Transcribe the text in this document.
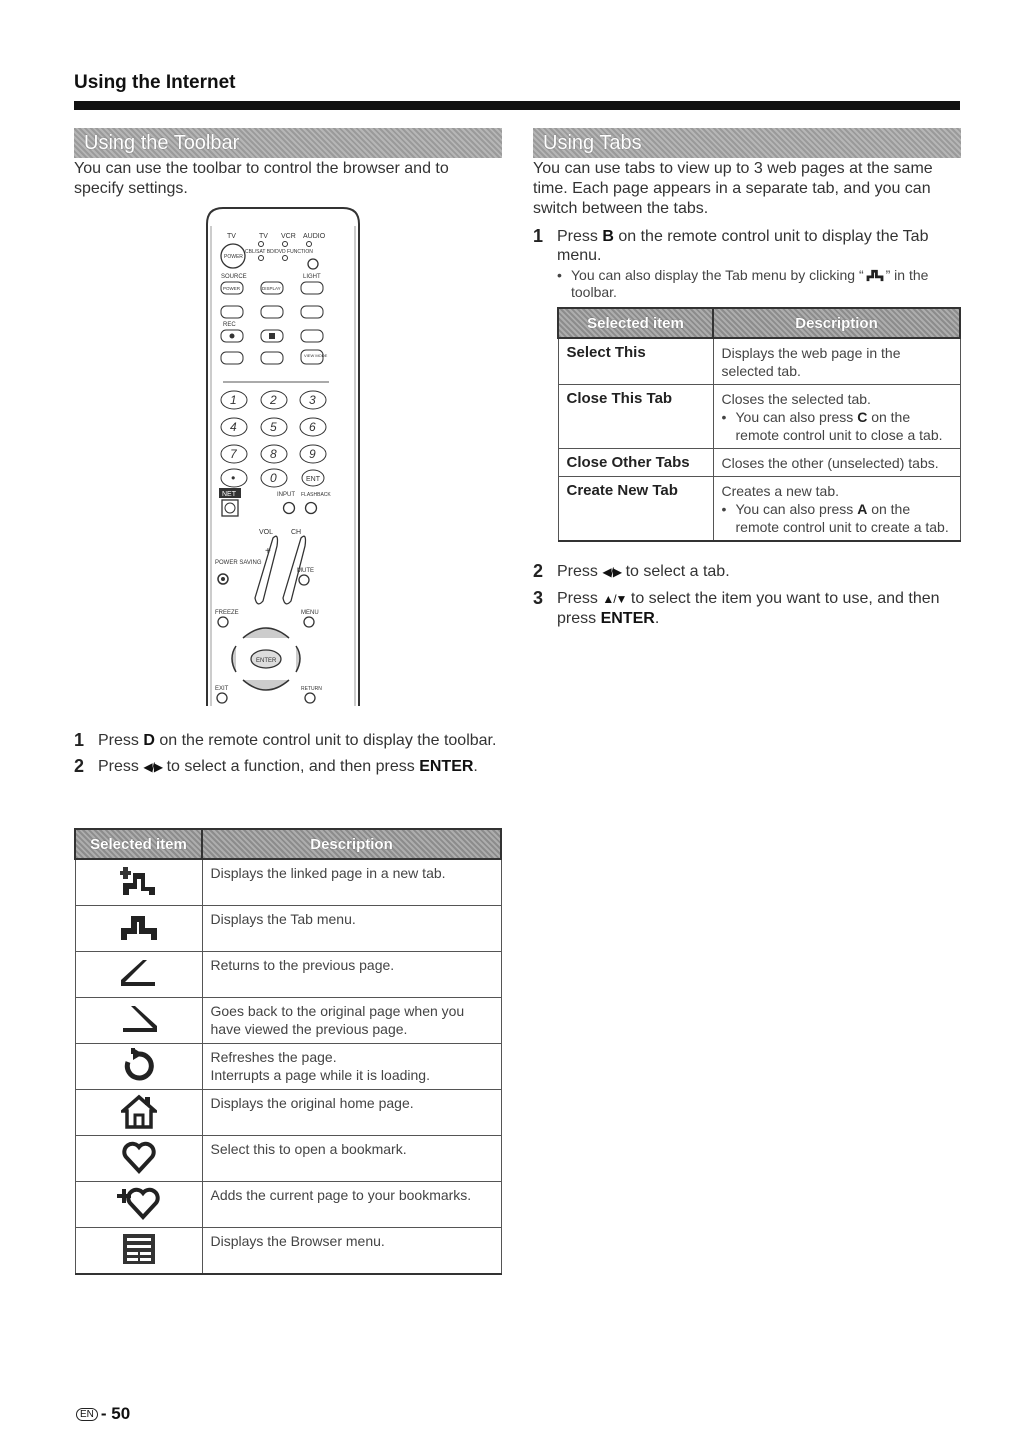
Using the Internet
Using the Toolbar
You can use the toolbar to control the browser and to specify settings.
TV	TV VCR AUDIO
CBL/SAT BD/DVD FUNCTION
POWER
SOURCE	LIGHT
POWER	DISPLAY
REC
VIEW MODE
1	2	3
4	5	6
7	8	9
•	0	ENT
NET	INPUT FLASHBACK
VOL	CH
+
POWER SAVING
MUTE
FREEZE	MENU
ENTER
EXIT	RETURN
1 Press D on the remote control unit to display the toolbar.
2 Press ◀/▶ to select a function, and then press ENTER.
Selected item	Description
	Displays the linked page in a new tab.
	Displays the Tab menu.
	Returns to the previous page.
	Goes back to the original page when you have viewed the previous page.
	Refreshes the page.
Interrupts a page while it is loading.
	Displays the original home page.
	Select this to open a bookmark.
	Adds the current page to your bookmarks.
	Displays the Browser menu.
Using Tabs
You can use tabs to view up to 3 web pages at the same time. Each page appears in a separate tab, and you can switch between the tabs.
1 Press B on the remote control unit to display the Tab menu.
• You can also display the Tab menu by clicking “ ” in the toolbar.
Selected item	Description
Select This	Displays the web page in the selected tab.
Close This Tab	Closes the selected tab.
• You can also press C on the remote control unit to close a tab.

Close Other Tabs	Closes the other (unselected) tabs.
Create New Tab	Creates a new tab.
• You can also press A on the remote control unit to create a tab.
2 Press ◀/▶ to select a tab.
3 Press ▲/▼ to select the item you want to use, and then press ENTER.
EN - 50
